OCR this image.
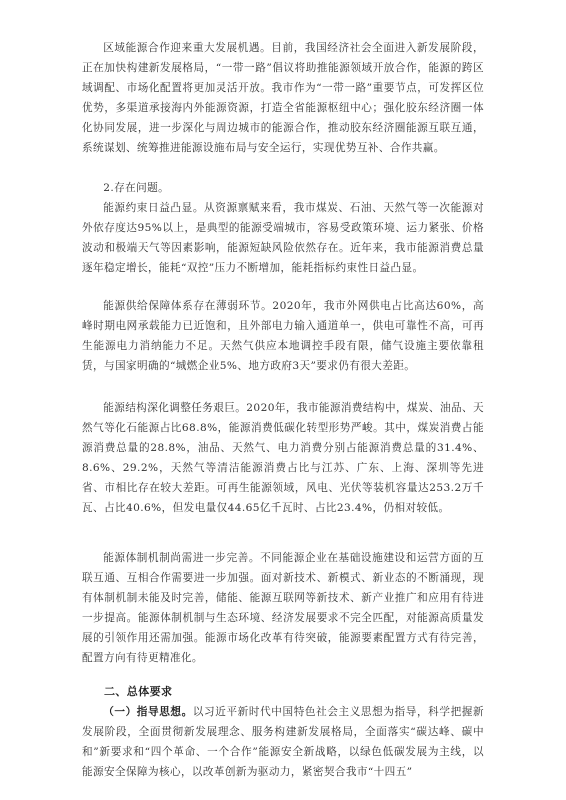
区域能源合作迎来重大发展机遇。目前，我国经济社会全面进入新发展阶段，正在加快构建新发展格局，“一带一路”倡议将助推能源领域开放合作，能源的跨区域调配、市场化配置将更加灵活开放。我市作为“一带一路”重要节点，可发挥区位优势，多渠道承接海内外能源资源，打造全省能源枢纽中心；强化胶东经济圈一体化协同发展，进一步深化与周边城市的能源合作，推动胶东经济圈能源互联互通，系统谋划、统筹推进能源设施布局与安全运行，实现优势互补、合作共赢。

2.存在问题。

能源约束日益凸显。从资源禀赋来看，我市煤炭、石油、天然气等一次能源对外依存度达95%以上，是典型的能源受端城市，容易受政策环境、运力紧张、价格波动和极端天气等因素影响，能源短缺风险依然存在。近年来，我市能源消费总量逐年稳定增长，能耗“双控”压力不断增加，能耗指标约束性日益凸显。

能源供给保障体系存在薄弱环节。2020年，我市外网供电占比高达60%，高峰时期电网承载能力已近饱和，且外部电力输入通道单一，供电可靠性不高，可再生能源电力消纳能力不足。天然气供应本地调控手段有限，储气设施主要依靠租赁，与国家明确的“城燃企业5%、地方政府3天”要求仍有很大差距。

能源结构深化调整任务艰巨。2020年，我市能源消费结构中，煤炭、油品、天然气等化石能源占比68.8%，能源消费低碳化转型形势严峻。其中，煤炭消费占能源消费总量的28.8%，油品、天然气、电力消费分别占能源消费总量的31.4%、8.6%、29.2%，天然气等清洁能源消费占比与江苏、广东、上海、深圳等先进省、市相比存在较大差距。可再生能源领域，风电、光伏等装机容量达253.2万千瓦、占比40.6%，但发电量仅44.65亿千瓦时、占比23.4%，仍相对较低。

能源体制机制尚需进一步完善。不同能源企业在基础设施建设和运营方面的互联互通、互相合作需要进一步加强。面对新技术、新模式、新业态的不断涌现，现有体制机制未能及时完善，储能、能源互联网等新技术、新产业推广和应用有待进一步提高。能源体制机制与生态环境、经济发展要求不完全匹配，对能源高质量发展的引领作用还需加强。能源市场化改革有待突破，能源要素配置方式有待完善，配置方向有待更精准化。

二、总体要求

（一）指导思想。以习近平新时代中国特色社会主义思想为指导，科学把握新发展阶段，全面贯彻新发展理念、服务构建新发展格局，全面落实“碳达峰、碳中和”新要求和“四个革命、一个合作”能源安全新战略，以绿色低碳发展为主线，以能源安全保障为核心，以改革创新为驱动力，紧密契合我市“十四五”
